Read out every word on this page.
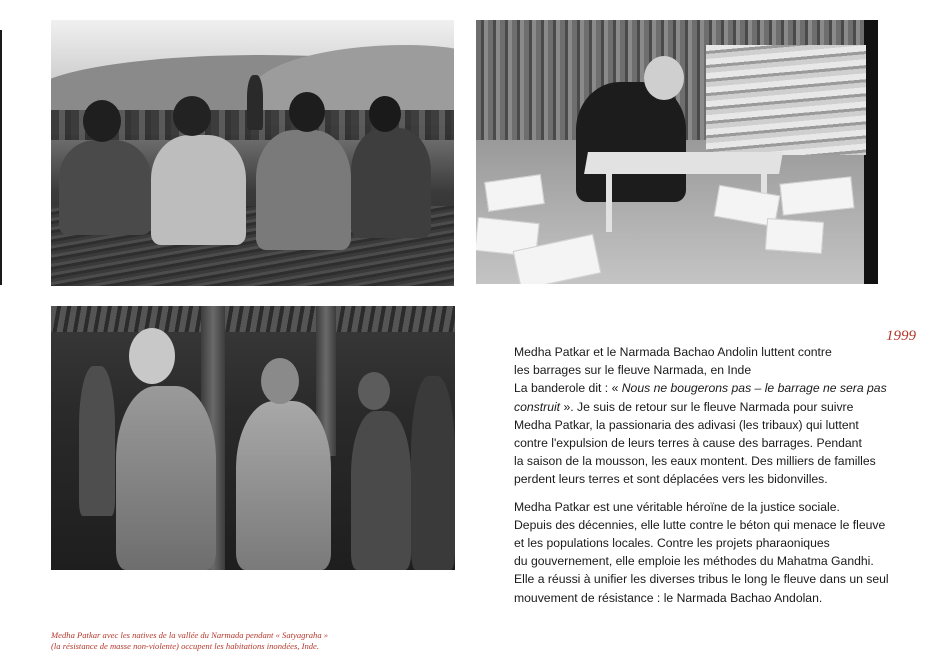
1999

Medha Patkar et le Narmada Bachao Andolin luttent contre
les barrages sur le fleuve Narmada, en Inde
La banderole dit : « Nous ne bougerons pas – le barrage ne sera pas
construit ». Je suis de retour sur le fleuve Narmada pour suivre
Medha Patkar, la passionaria des adivasi (les tribaux) qui luttent
contre l'expulsion de leurs terres à cause des barrages. Pendant
la saison de la mousson, les eaux montent. Des milliers de familles
perdent leurs terres et sont déplacées vers les bidonvilles.

Medha Patkar est une véritable héroïne de la justice sociale.
Depuis des décennies, elle lutte contre le béton qui menace le fleuve
et les populations locales. Contre les projets pharaoniques
du gouvernement, elle emploie les méthodes du Mahatma Gandhi.
Elle a réussi à unifier les diverses tribus le long le fleuve dans un seul
mouvement de résistance : le Narmada Bachao Andolan.

Medha Patkar avec les natives de la vallée du Narmada pendant « Satyagraha »
(la résistance de masse non-violente) occupent les habitations inondées, Inde.
